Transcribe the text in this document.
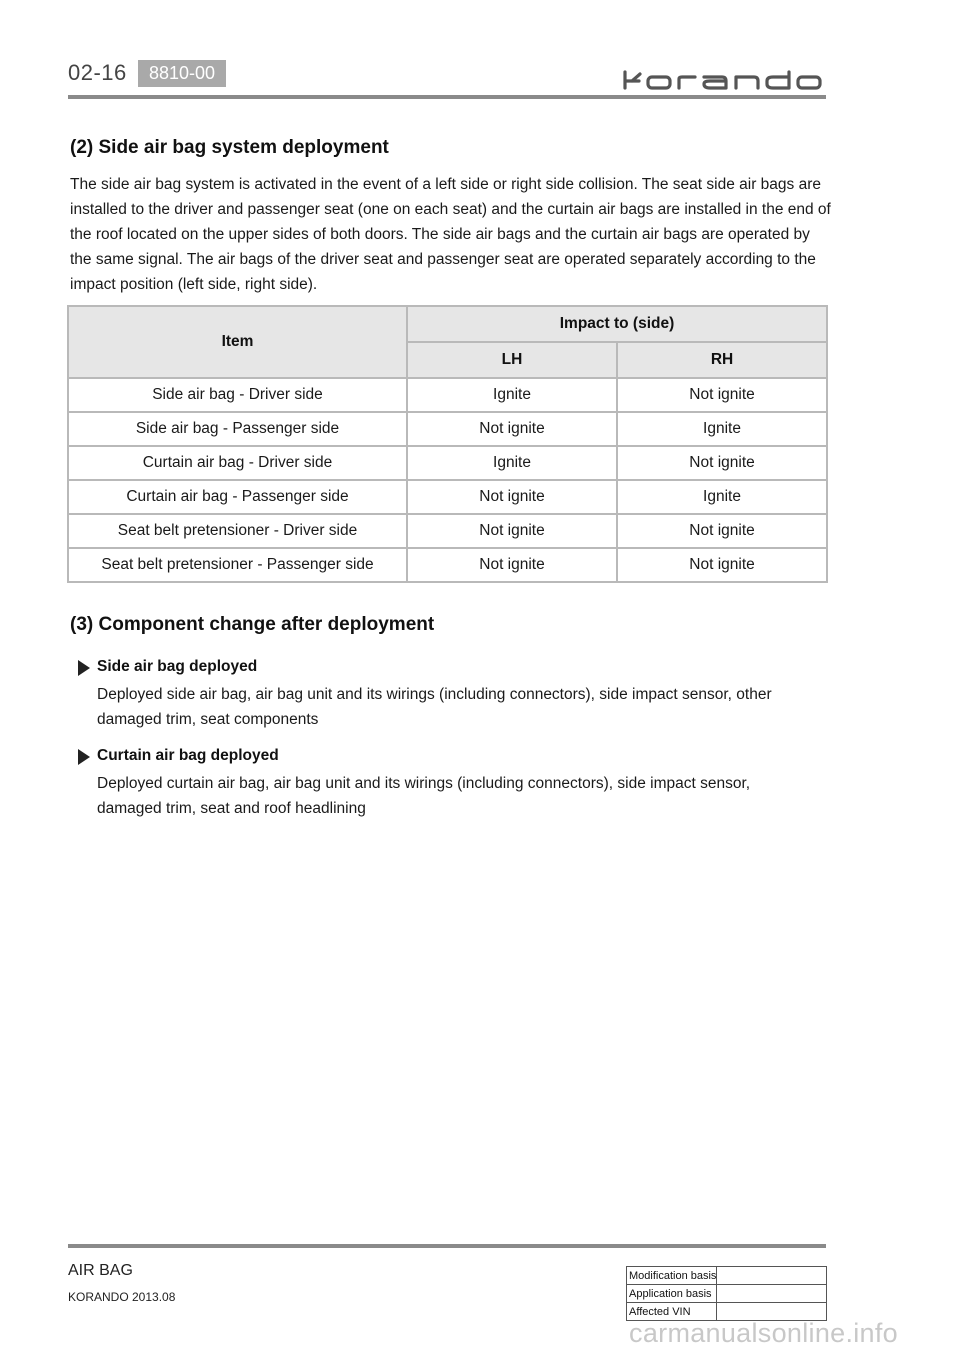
02-16	8810-00
(2) Side air bag system deployment
The side air bag system is activated in the event of a left side or right side collision. The seat side air bags are installed to the driver and passenger seat (one on each seat) and the curtain air bags are installed in the end of the roof located on the upper sides of both doors. The side air bags and the curtain air bags are operated by the same signal. The air bags of the driver seat and passenger seat are operated separately according to the impact position (left side, right side).
Item	Impact to (side)	
	LH	RH
Side air bag - Driver side	Ignite	Not ignite
Side air bag - Passenger side	Not ignite	Ignite
Curtain air bag - Driver side	Ignite	Not ignite
Curtain air bag - Passenger side	Not ignite	Ignite
Seat belt pretensioner - Driver side	Not ignite	Not ignite
Seat belt pretensioner - Passenger side	Not ignite	Not ignite
(3) Component change after deployment
Side air bag deployed
Deployed side air bag, air bag unit and its wirings (including connectors), side impact sensor, other damaged trim, seat components
Curtain air bag deployed
Deployed curtain air bag, air bag unit and its wirings (including connectors), side impact sensor, damaged trim, seat and roof headlining
AIR BAG
KORANDO 2013.08
Modification basis	
Application basis	
Affected VIN	
carmanualsonline.info
